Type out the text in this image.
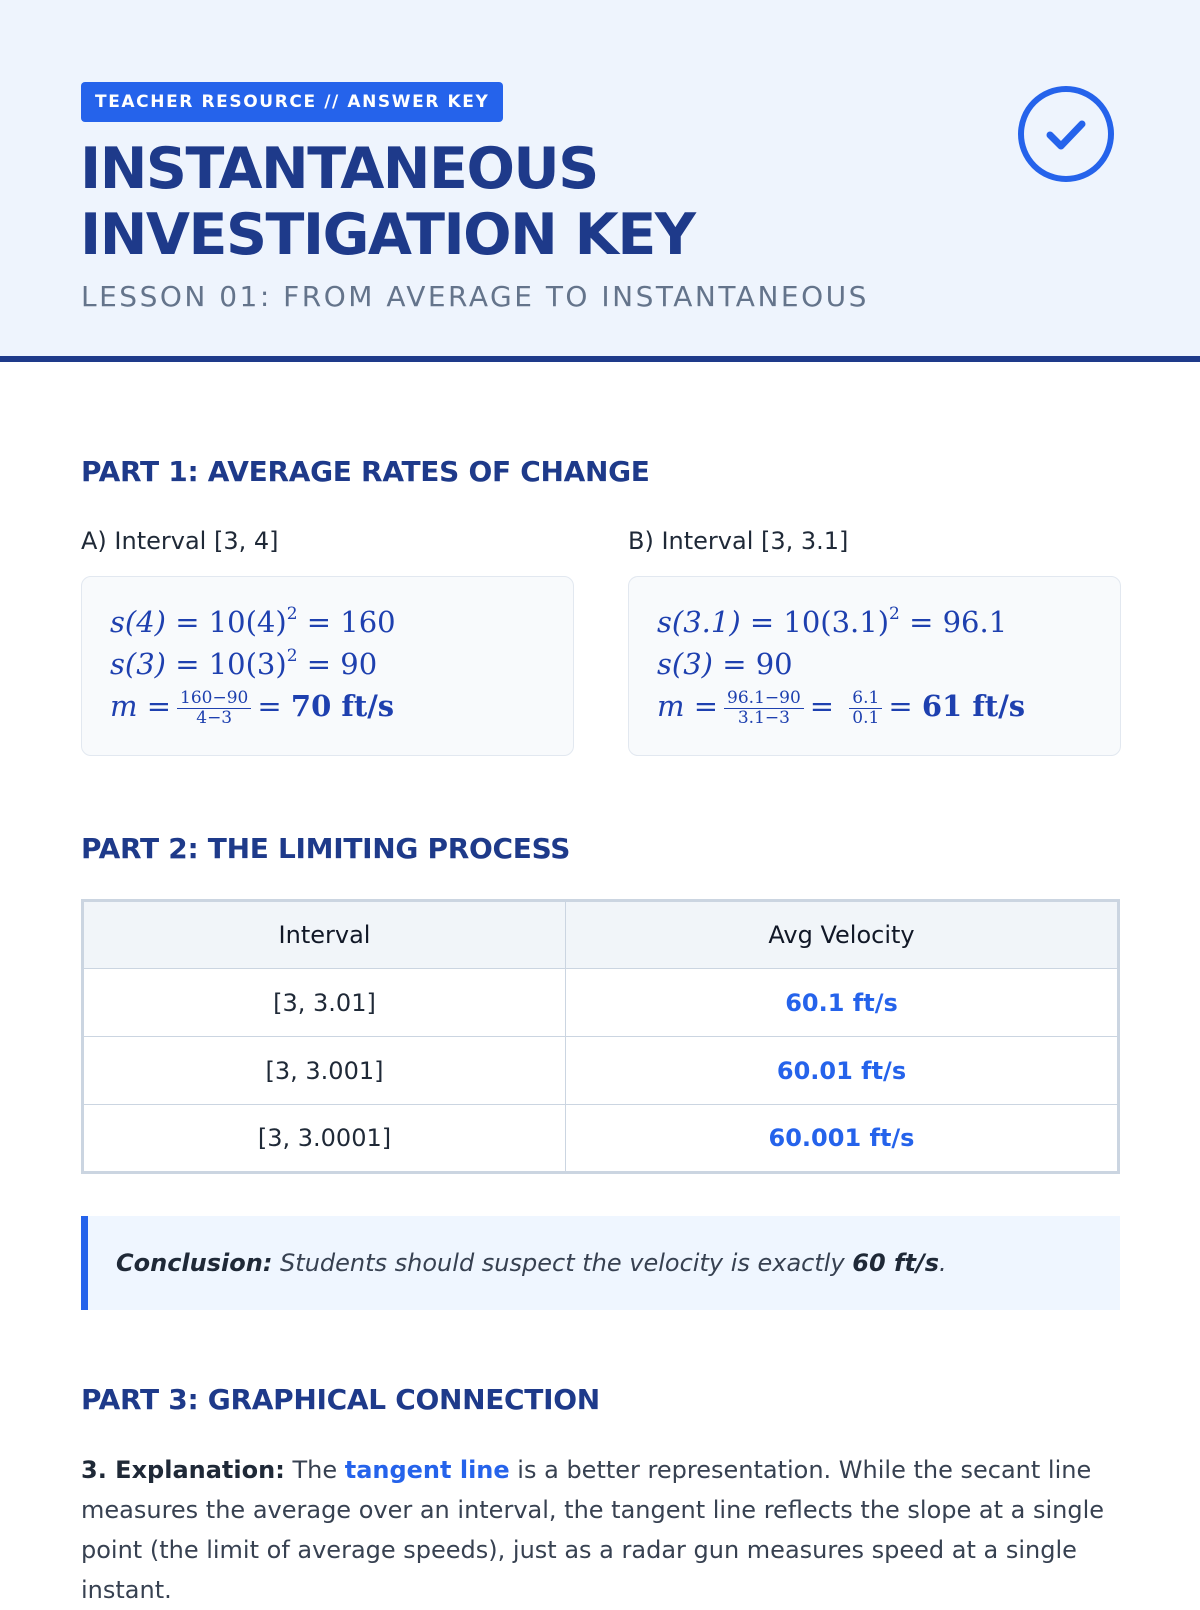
TEACHER RESOURCE // ANSWER KEY
INSTANTANEOUS
INVESTIGATION KEY
LESSON 01: FROM AVERAGE TO INSTANTANEOUS
PART 1: AVERAGE RATES OF CHANGE
A) Interval [3, 4]	B) Interval [3, 3.1]
$s(4) = 10(4)^2 = 160$
$s(3) = 10(3)^2 = 90$
$m = \frac{160-90}{4-3} = 70$ ft/s
$s(3.1) = 10(3.1)^2 = 96.1$
s(3) = 90
$m = \frac{96.1-90}{3.1-3} = \frac{6.1}{0.1} = 61$ ft/s
PART 2: THE LIMITING PROCESS
Interval	Avg Velocity
[3, 3.01]	60.1 ft/s
[3, 3.001]	60.01 ft/s
[3, 3.0001]	60.001 ft/s
Conclusion: Students should suspect the velocity is exactly 60 ft/s.
PART 3: GRAPHICAL CONNECTION
3. Explanation: The tangent line is a better representation. While the secant line measures the average over an interval, the tangent line reflects the slope at a single point (the limit of average speeds), just as a radar gun measures speed at a single instant.
